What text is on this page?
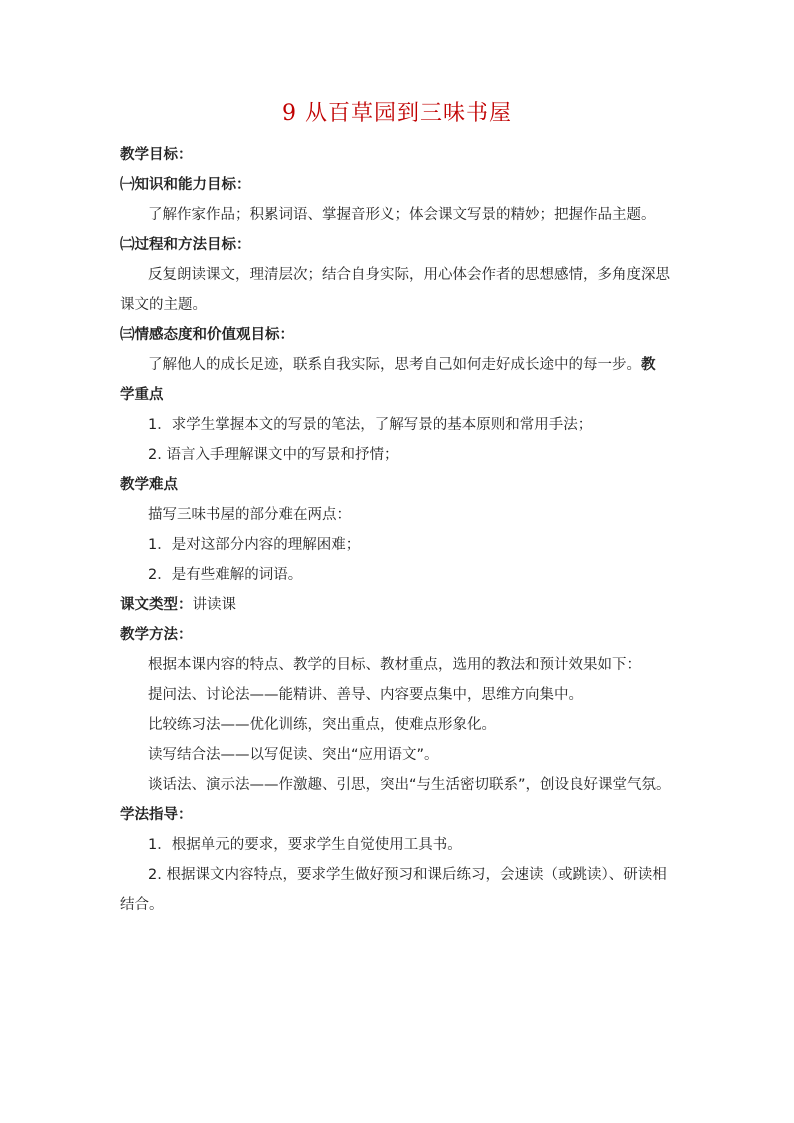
9 从百草园到三味书屋

教学目标：

㈠知识和能力目标：

了解作家作品；积累词语、掌握音形义；体会课文写景的精妙；把握作品主题。

㈡过程和方法目标：

反复朗读课文，理清层次；结合自身实际，用心体会作者的思想感情，多角度深思课文的主题。

㈢情感态度和价值观目标：

了解他人的成长足迹，联系自我实际，思考自己如何走好成长途中的每一步。教

学重点

1．求学生掌握本文的写景的笔法，了解写景的基本原则和常用手法；

2. 语言入手理解课文中的写景和抒情；

教学难点

描写三味书屋的部分难在两点：

1．是对这部分内容的理解困难；

2．是有些难解的词语。

课文类型：讲读课

教学方法：

根据本课内容的特点、教学的目标、教材重点，选用的教法和预计效果如下：

提问法、讨论法——能精讲、善导、内容要点集中，思维方向集中。

比较练习法——优化训练，突出重点，使难点形象化。

读写结合法——以写促读、突出“应用语文”。

谈话法、演示法——作激趣、引思，突出“与生活密切联系”，创设良好课堂气氛。

学法指导：

1．根据单元的要求，要求学生自觉使用工具书。

2. 根据课文内容特点，要求学生做好预习和课后练习，会速读（或跳读）、研读相结合。
